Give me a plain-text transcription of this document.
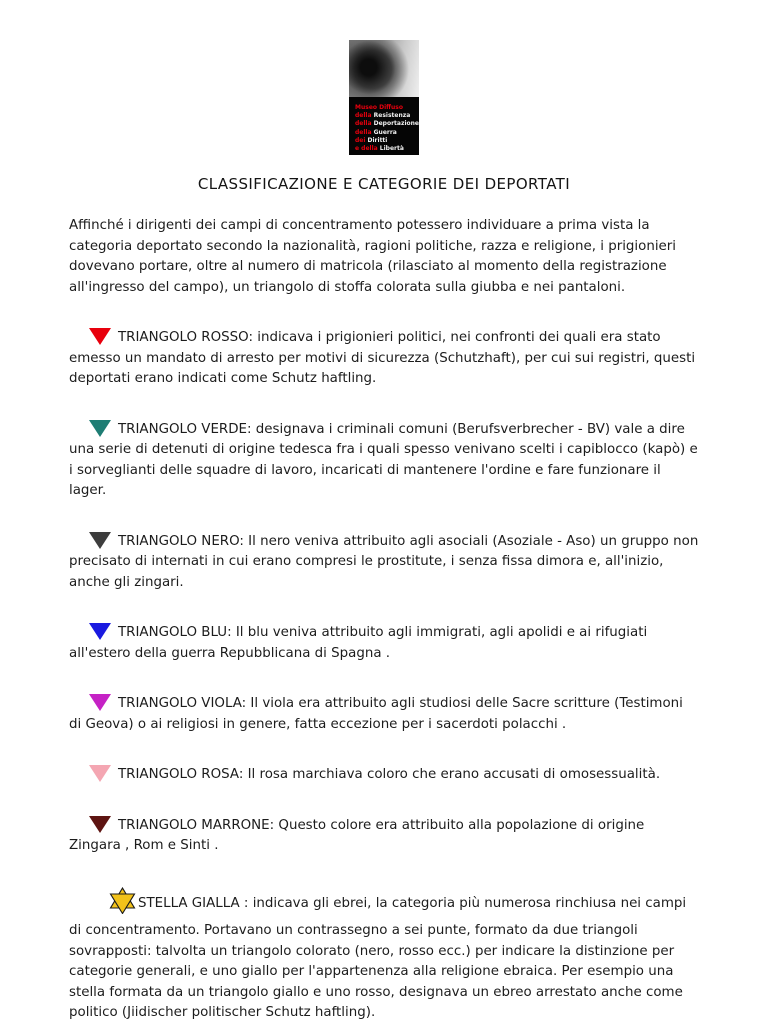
Museo Diffuso
della Resistenza
della Deportazione
della Guerra
dei Diritti
e della Libertà
CLASSIFICAZIONE E CATEGORIE DEI DEPORTATI

Affinché i dirigenti dei campi di concentramento potessero individuare a prima vista la categoria deportato secondo la nazionalità, ragioni politiche, razza e religione, i prigionieri dovevano portare, oltre al numero di matricola (rilasciato al momento della registrazione all'ingresso del campo), un triangolo di stoffa colorata sulla giubba e nei pantaloni.

TRIANGOLO ROSSO: indicava i prigionieri politici, nei confronti dei quali era stato emesso un mandato di arresto per motivi di sicurezza (Schutzhaft), per cui sui registri, questi deportati erano indicati come Schutz haftling.

TRIANGOLO VERDE: designava i criminali comuni (Berufsverbrecher - BV) vale a dire una serie di detenuti di origine tedesca fra i quali spesso venivano scelti i capiblocco (kapò) e i sorveglianti delle squadre di lavoro, incaricati di mantenere l'ordine e fare funzionare il lager.

TRIANGOLO NERO: Il nero veniva attribuito agli asociali (Asoziale - Aso) un gruppo non precisato di internati in cui erano compresi le prostitute, i senza fissa dimora e, all'inizio, anche gli zingari.

TRIANGOLO BLU: Il blu veniva attribuito agli immigrati, agli apolidi e ai rifugiati all'estero della guerra Repubblicana di Spagna .

TRIANGOLO VIOLA: Il viola era attribuito agli studiosi delle Sacre scritture (Testimoni di Geova) o ai religiosi in genere, fatta eccezione per i sacerdoti polacchi .

TRIANGOLO ROSA: Il rosa marchiava coloro che erano accusati di omosessualità.

TRIANGOLO MARRONE: Questo colore era attribuito alla popolazione di origine Zingara , Rom e Sinti .

STELLA GIALLA : indicava gli ebrei, la categoria più numerosa rinchiusa nei campi di concentramento. Portavano un contrassegno a sei punte, formato da due triangoli sovrapposti: talvolta un triangolo colorato (nero, rosso ecc.) per indicare la distinzione per categorie generali, e uno giallo per l'appartenenza alla religione ebraica. Per esempio una stella formata da un triangolo giallo e uno rosso, designava un ebreo arrestato anche come politico (Jiidischer politischer Schutz haftling).
